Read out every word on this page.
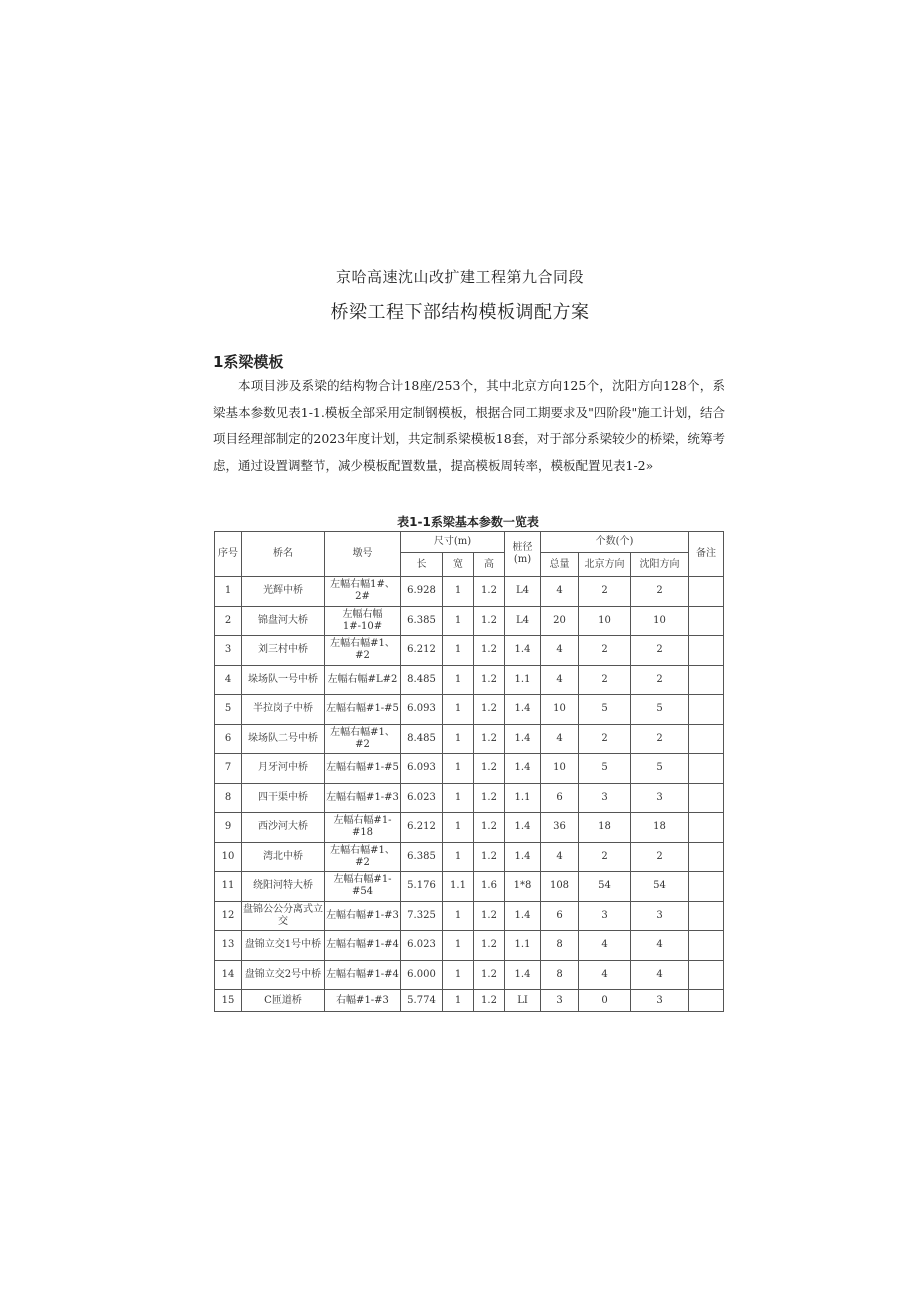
京哈高速沈山改扩建工程第九合同段
桥梁工程下部结构模板调配方案
1系梁模板
本项目涉及系梁的结构物合计18座/253个，其中北京方向125个，沈阳方向128个，系梁基本参数见表1-1.模板全部采用定制钢模板，根据合同工期要求及"四阶段"施工计划，结合项目经理部制定的2023年度计划，共定制系梁模板18套，对于部分系梁较少的桥梁，统筹考虑，通过设置调整节，减少模板配置数量，提高模板周转率，模板配置见表1-2»
表1-1系梁基本参数一览表
序号	桥名	墩号	尺寸(m)			桩径(m)	个数(个)			备注
			长	宽	高		总量	北京方向	沈阳方向	
1	光辉中桥	左幅右幅1#、2#	6.928	1	1.2	L4	4	2	2	
2	锦盘河大桥	左幅右幅1#-10#	6.385	1	1.2	L4	20	10	10	
3	刘三村中桥	左幅右幅#1、#2	6.212	1	1.2	1.4	4	2	2	
4	垛场队一号中桥	左幅右幅#L#2	8.485	1	1.2	1.1	4	2	2	
5	半拉岗子中桥	左幅右幅#1-#5	6.093	1	1.2	1.4	10	5	5	
6	垛场队二号中桥	左幅右幅#1、#2	8.485	1	1.2	1.4	4	2	2	
7	月牙河中桥	左幅右幅#1-#5	6.093	1	1.2	1.4	10	5	5	
8	四干渠中桥	左幅右幅#1-#3	6.023	1	1.2	1.1	6	3	3	
9	西沙河大桥	左幅右幅#1-#18	6.212	1	1.2	1.4	36	18	18	
10	湾北中桥	左幅右幅#1、#2	6.385	1	1.2	1.4	4	2	2	
11	绕阳河特大桥	左幅右幅#1-#54	5.176	1.1	1.6	1*8	108	54	54	
12	盘锦公公分离式立交	左幅右幅#1-#3	7.325	1	1.2	1.4	6	3	3	
13	盘锦立交1号中桥	左幅右幅#1-#4	6.023	1	1.2	1.1	8	4	4	
14	盘锦立交2号中桥	左幅右幅#1-#4	6.000	1	1.2	1.4	8	4	4	
15	C匝道桥	右幅#1-#3	5.774	1	1.2	LI	3	0	3	
